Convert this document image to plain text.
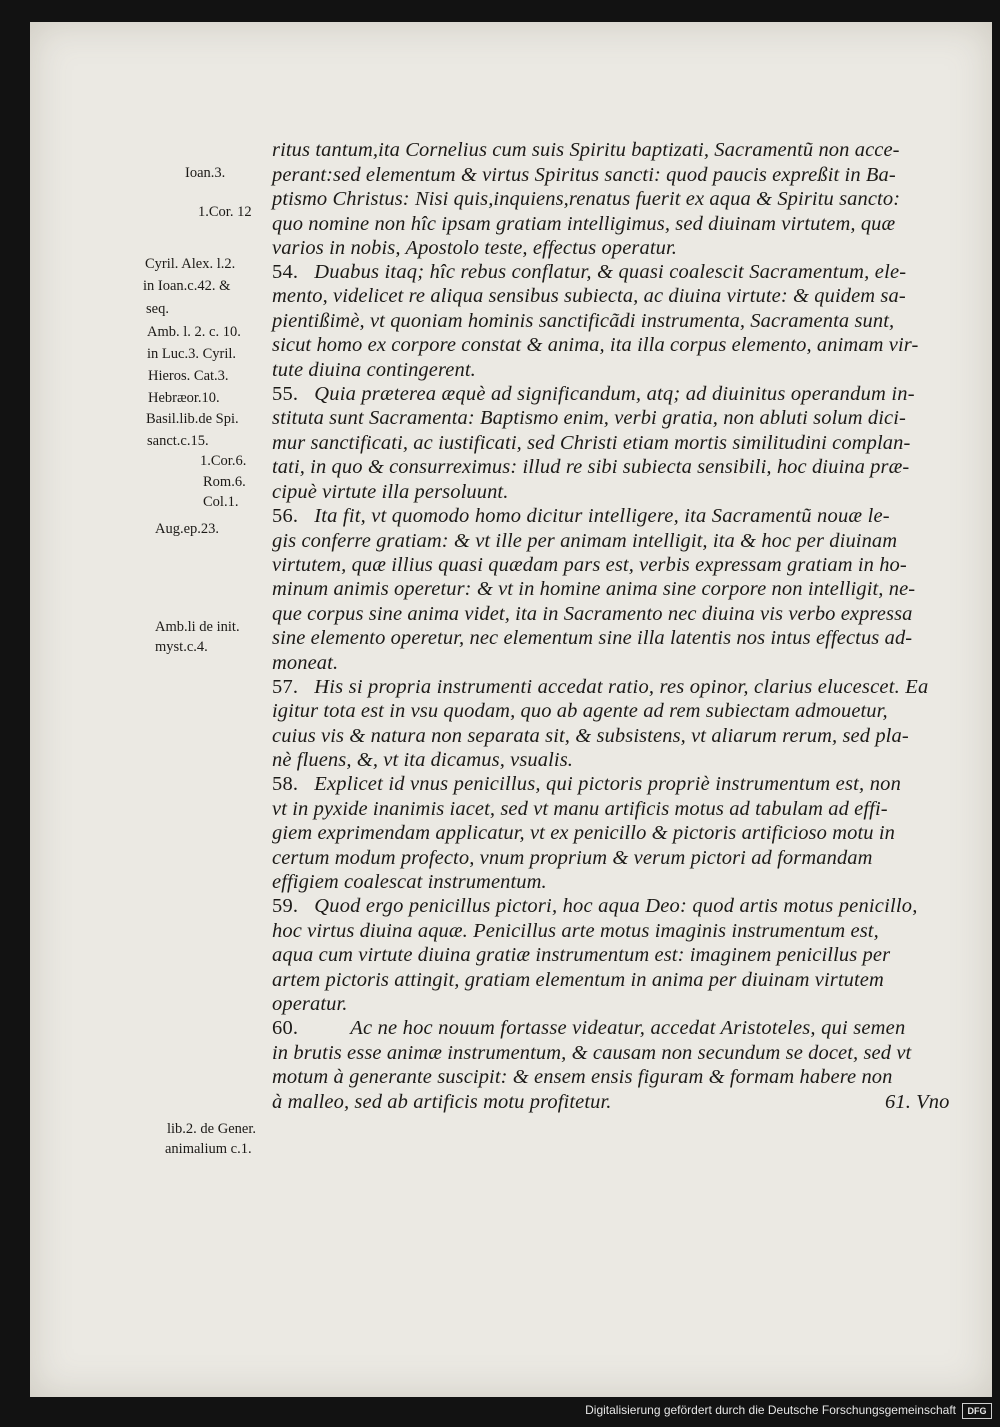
ritus tantum,ita Cornelius cum suis Spiritu baptizati, Sacramentũ non acce-
perant:sed elementum & virtus Spiritus sancti: quod paucis expreßit in Ba-
ptismo Christus: Nisi quis,inquiens,renatus fuerit ex aqua & Spiritu sancto:
quo nomine non hîc ipsam gratiam intelligimus, sed diuinam virtutem, quæ
varios in nobis, Apostolo teste, effectus operatur.
54. Duabus itaq; hîc rebus conflatur, & quasi coalescit Sacramentum, ele-
mento, videlicet re aliqua sensibus subiecta, ac diuina virtute: & quidem sa-
pientißimè, vt quoniam hominis sanctificãdi instrumenta, Sacramenta sunt,
sicut homo ex corpore constat & anima, ita illa corpus elemento, animam vir-
tute diuina contingerent.
55. Quia præterea æquè ad significandum, atq; ad diuinitus operandum in-
stituta sunt Sacramenta: Baptismo enim, verbi gratia, non abluti solum dici-
mur sanctificati, ac iustificati, sed Christi etiam mortis similitudini complan-
tati, in quo & consurreximus: illud re sibi subiecta sensibili, hoc diuina præ-
cipuè virtute illa persoluunt.
56. Ita fit, vt quomodo homo dicitur intelligere, ita Sacramentũ nouæ le-
gis conferre gratiam: & vt ille per animam intelligit, ita & hoc per diuinam
virtutem, quæ illius quasi quædam pars est, verbis expressam gratiam in ho-
minum animis operetur: & vt in homine anima sine corpore non intelligit, ne-
que corpus sine anima videt, ita in Sacramento nec diuina vis verbo expressa
sine elemento operetur, nec elementum sine illa latentis nos intus effectus ad-
moneat.
57. His si propria instrumenti accedat ratio, res opinor, clarius elucescet. Ea
igitur tota est in vsu quodam, quo ab agente ad rem subiectam admouetur,
cuius vis & natura non separata sit, & subsistens, vt aliarum rerum, sed pla-
nè fluens, &, vt ita dicamus, vsualis.
58. Explicet id vnus penicillus, qui pictoris propriè instrumentum est, non
vt in pyxide inanimis iacet, sed vt manu artificis motus ad tabulam ad effi-
giem exprimendam applicatur, vt ex penicillo & pictoris artificioso motu in
certum modum profecto, vnum proprium & verum pictori ad formandam
effigiem coalescat instrumentum.
59. Quod ergo penicillus pictori, hoc aqua Deo: quod artis motus penicillo,
hoc virtus diuina aquæ. Penicillus arte motus imaginis instrumentum est,
aqua cum virtute diuina gratiæ instrumentum est: imaginem penicillus per
artem pictoris attingit, gratiam elementum in anima per diuinam virtutem
operatur.
60.	Ac ne hoc nouum fortasse videatur, accedat Aristoteles, qui semen
in brutis esse animæ instrumentum, & causam non secundum se docet, sed vt
motum à generante suscipit: & ensem ensis figuram & formam habere non
à malleo, sed ab artificis motu profitetur.	61. Vno
Ioan.3.
1.Cor. 12
Cyril. Alex. l.2.
in Ioan.c.42. &
seq.
Amb. l. 2. c. 10.
in Luc.3. Cyril.
Hieros. Cat.3.
Hebræor.10.
Basil.lib.de Spi.
sanct.c.15.
1.Cor.6.
Rom.6.
Col.1.
Aug.ep.23.
Amb.li de init.
myst.c.4.
lib.2. de Gener.
animalium c.1.
Digitalisierung gefördert durch die Deutsche Forschungsgemeinschaft	DFG
